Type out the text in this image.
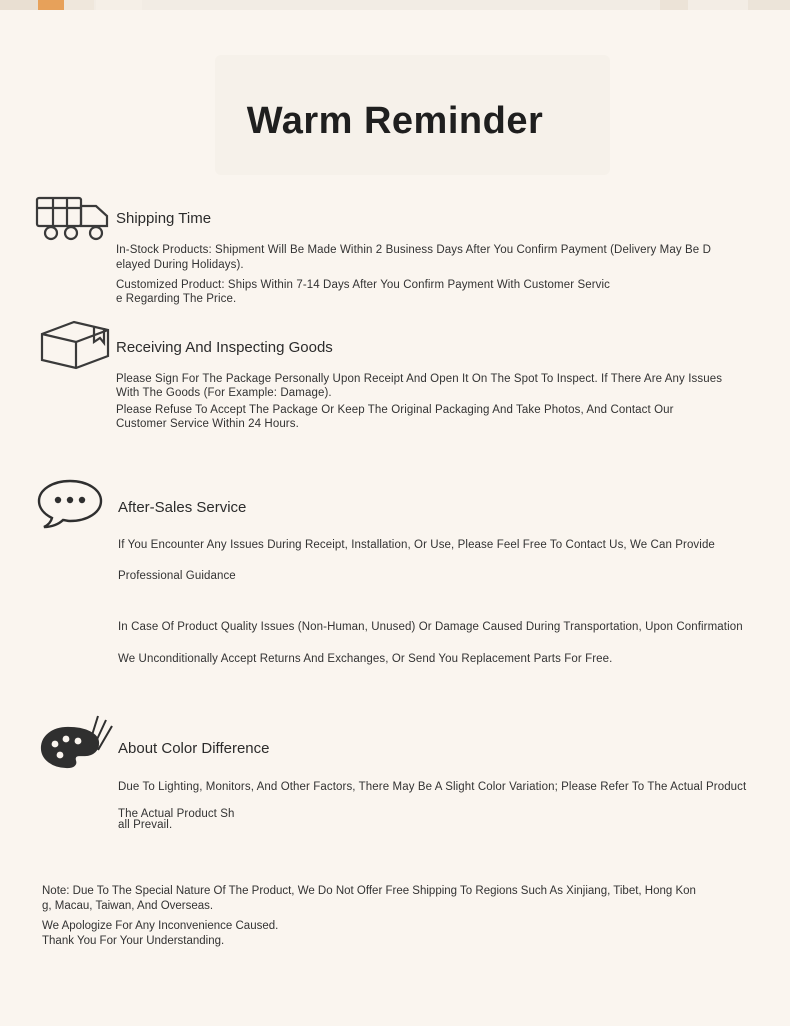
Warm Reminder
Shipping Time
In-Stock Products: Shipment Will Be Made Within 2 Business Days After You Confirm Payment (Delivery May Be D
elayed During Holidays).
Customized Product: Ships Within 7-14 Days After You Confirm Payment With Customer Servic
e Regarding The Price.
Receiving And Inspecting Goods
Please Sign For The Package Personally Upon Receipt And Open It On The Spot To Inspect. If There Are Any Issues
With The Goods (For Example: Damage).
Please Refuse To Accept The Package Or Keep The Original Packaging And Take Photos, And Contact Our
Customer Service Within 24 Hours.
After-Sales Service
If You Encounter Any Issues During Receipt, Installation, Or Use, Please Feel Free To Contact Us, We Can Provide
Professional Guidance
In Case Of Product Quality Issues (Non-Human, Unused) Or Damage Caused During Transportation, Upon Confirmation
We Unconditionally Accept Returns And Exchanges, Or Send You Replacement Parts For Free.
About Color Difference
Due To Lighting, Monitors, And Other Factors, There May Be A Slight Color Variation; Please Refer To The Actual Product
The Actual Product Sh
all Prevail.
Note: Due To The Special Nature Of The Product, We Do Not Offer Free Shipping To Regions Such As Xinjiang, Tibet, Hong Kon
g, Macau, Taiwan, And Overseas.
We Apologize For Any Inconvenience Caused.
Thank You For Your Understanding.
